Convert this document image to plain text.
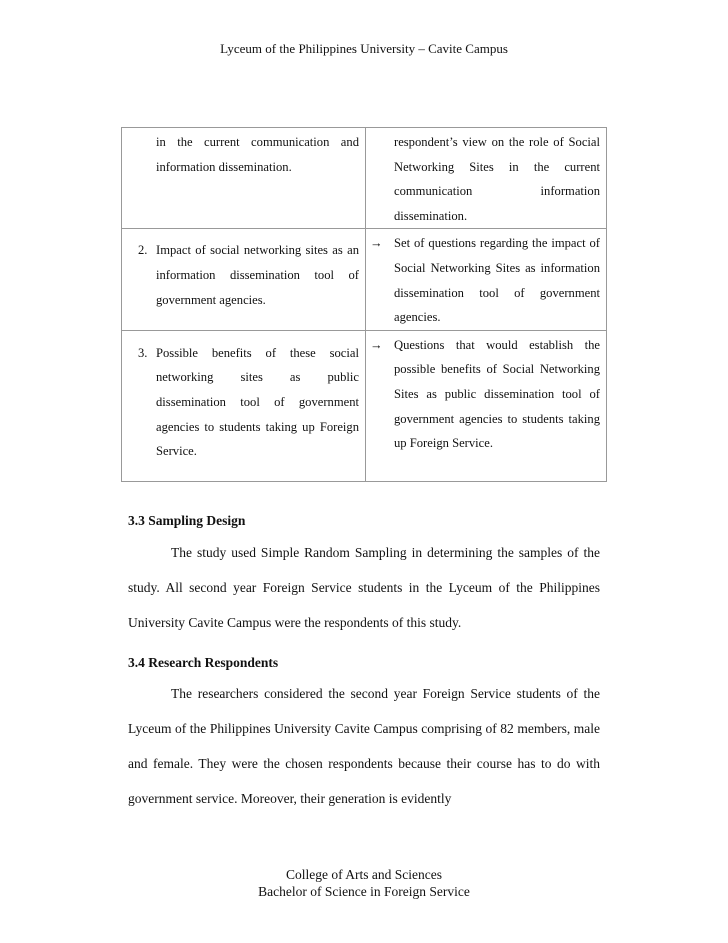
Lyceum of the Philippines University – Cavite Campus
in the current communication and information dissemination.	respondent’s view on the role of Social Networking Sites in the current communication information dissemination.

2. Impact of social networking sites as an information dissemination tool of government agencies.	→ Set of questions regarding the impact of Social Networking Sites as information dissemination tool of government agencies.

3. Possible benefits of these social networking sites as public dissemination tool of government agencies to students taking up Foreign Service.	→ Questions that would establish the possible benefits of Social Networking Sites as public dissemination tool of government agencies to students taking up Foreign Service.
3.3 Sampling Design
The study used Simple Random Sampling in determining the samples of the study. All second year Foreign Service students in the Lyceum of the Philippines University Cavite Campus were the respondents of this study.
3.4 Research Respondents
The researchers considered the second year Foreign Service students of the Lyceum of the Philippines University Cavite Campus comprising of 82 members, male and female. They were the chosen respondents because their course has to do with government service. Moreover, their generation is evidently
College of Arts and Sciences
Bachelor of Science in Foreign Service
